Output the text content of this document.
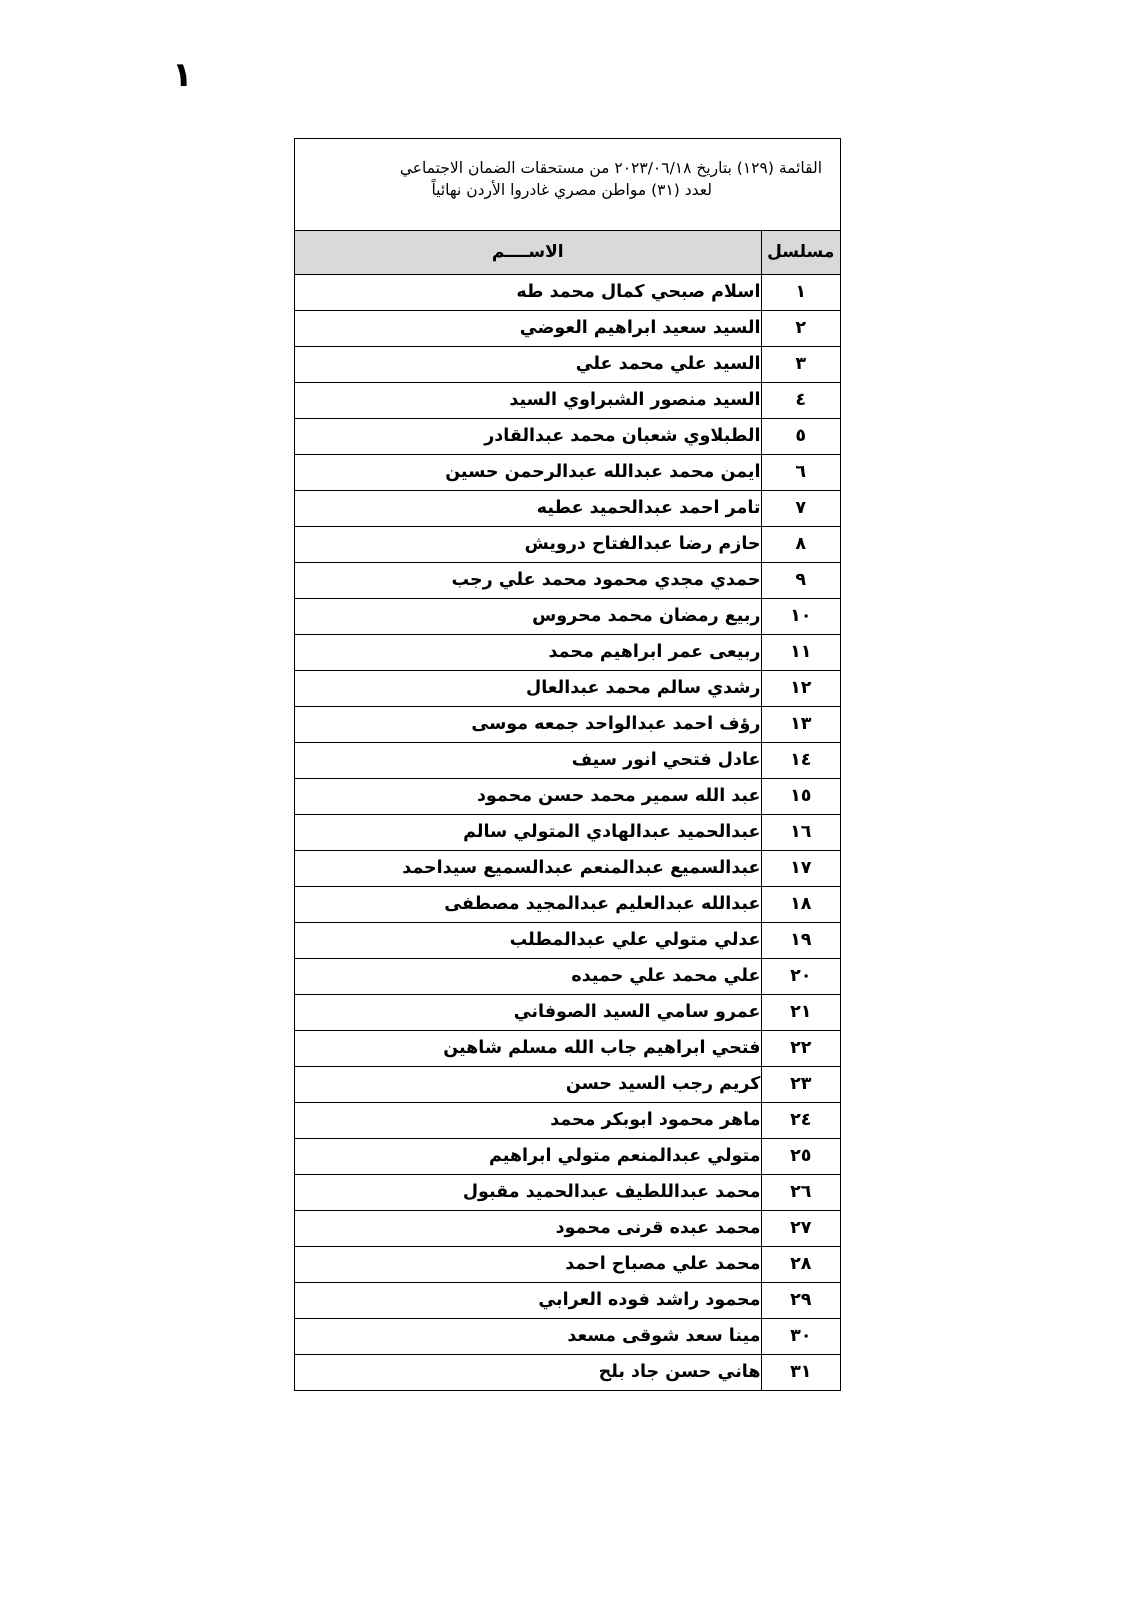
١
القائمة (١٢٩) بتاريخ ٢٠٢٣/٠٦/١٨ من مستحقات الضمان الاجتماعي
لعدد (٣١) مواطن مصري غادروا الأردن نهائياً
مسلسل	الاســــم
١	اسلام صبحي كمال محمد طه
٢	السيد سعيد ابراهيم العوضي
٣	السيد علي محمد علي
٤	السيد منصور الشبراوي السيد
٥	الطبلاوي شعبان محمد عبدالقادر
٦	ايمن محمد عبدالله عبدالرحمن حسين
٧	تامر احمد عبدالحميد عطيه
٨	حازم رضا عبدالفتاح درويش
٩	حمدي مجدي محمود محمد علي رجب
١٠	ربيع رمضان محمد محروس
١١	ربيعى عمر ابراهيم محمد
١٢	رشدي سالم محمد عبدالعال
١٣	رؤف احمد عبدالواحد جمعه موسى
١٤	عادل فتحي انور سيف
١٥	عبد الله سمير محمد حسن محمود
١٦	عبدالحميد عبدالهادي المتولي سالم
١٧	عبدالسميع عبدالمنعم عبدالسميع سيداحمد
١٨	عبدالله عبدالعليم عبدالمجيد مصطفى
١٩	عدلي متولي علي عبدالمطلب
٢٠	علي محمد علي حميده
٢١	عمرو سامي السيد الصوفاني
٢٢	فتحي ابراهيم جاب الله مسلم شاهين
٢٣	كريم رجب السيد حسن
٢٤	ماهر محمود ابوبكر محمد
٢٥	متولي عبدالمنعم متولي ابراهيم
٢٦	محمد عبداللطيف عبدالحميد مقبول
٢٧	محمد عبده قرنى محمود
٢٨	محمد علي مصباح احمد
٢٩	محمود راشد فوده العرابي
٣٠	مينا سعد شوقى مسعد
٣١	هاني حسن جاد بلح
